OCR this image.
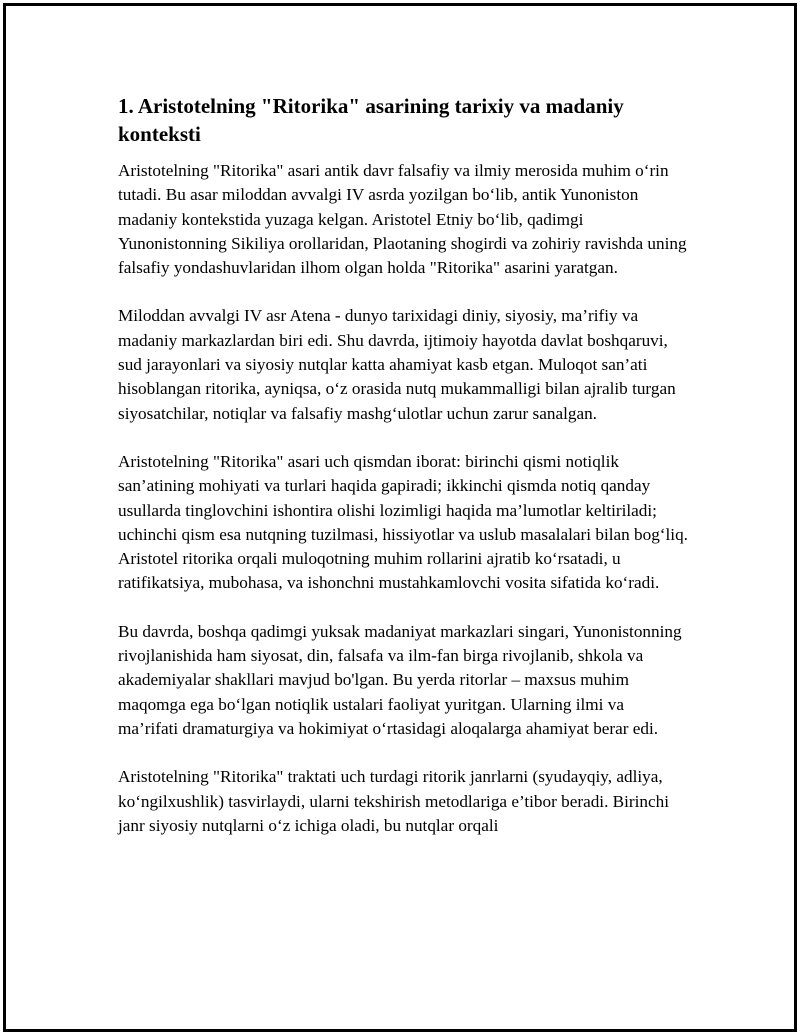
1. Aristotelning "Ritorika" asarining tarixiy va madaniy konteksti

Aristotelning "Ritorika" asari antik davr falsafiy va ilmiy merosida muhim o‘rin tutadi. Bu asar miloddan avvalgi IV asrda yozilgan bo‘lib, antik Yunoniston madaniy kontekstida yuzaga kelgan. Aristotel Etniy bo‘lib, qadimgi Yunonistonning Sikiliya orollaridan, Plaotaning shogirdi va zohiriy ravishda uning falsafiy yondashuvlaridan ilhom olgan holda "Ritorika" asarini yaratgan.

Miloddan avvalgi IV asr Atena - dunyo tarixidagi diniy, siyosiy, ma’rifiy va madaniy markazlardan biri edi. Shu davrda, ijtimoiy hayotda davlat boshqaruvi, sud jarayonlari va siyosiy nutqlar katta ahamiyat kasb etgan. Muloqot san’ati hisoblangan ritorika, ayniqsa, o‘z orasida nutq mukammalligi bilan ajralib turgan siyosatchilar, notiqlar va falsafiy mashg‘ulotlar uchun zarur sanalgan.

Aristotelning "Ritorika" asari uch qismdan iborat: birinchi qismi notiqlik san’atining mohiyati va turlari haqida gapiradi; ikkinchi qismda notiq qanday usullarda tinglovchini ishontira olishi lozimligi haqida ma’lumotlar keltiriladi; uchinchi qism esa nutqning tuzilmasi, hissiyotlar va uslub masalalari bilan bog‘liq. Aristotel ritorika orqali muloqotning muhim rollarini ajratib ko‘rsatadi, u ratifikatsiya, mubohasa, va ishonchni mustahkamlovchi vosita sifatida ko‘radi.

Bu davrda, boshqa qadimgi yuksak madaniyat markazlari singari, Yunonistonning rivojlanishida ham siyosat, din, falsafa va ilm-fan birga rivojlanib, shkola va akademiyalar shakllari mavjud bo'lgan. Bu yerda ritorlar – maxsus muhim maqomga ega bo‘lgan notiqlik ustalari faoliyat yuritgan. Ularning ilmi va ma’rifati dramaturgiya va hokimiyat o‘rtasidagi aloqalarga ahamiyat berar edi.

Aristotelning "Ritorika" traktati uch turdagi ritorik janrlarni (syudayqiy, adliya, ko‘ngilxushlik) tasvirlaydi, ularni tekshirish metodlariga e’tibor beradi. Birinchi janr siyosiy nutqlarni o‘z ichiga oladi, bu nutqlar orqali
